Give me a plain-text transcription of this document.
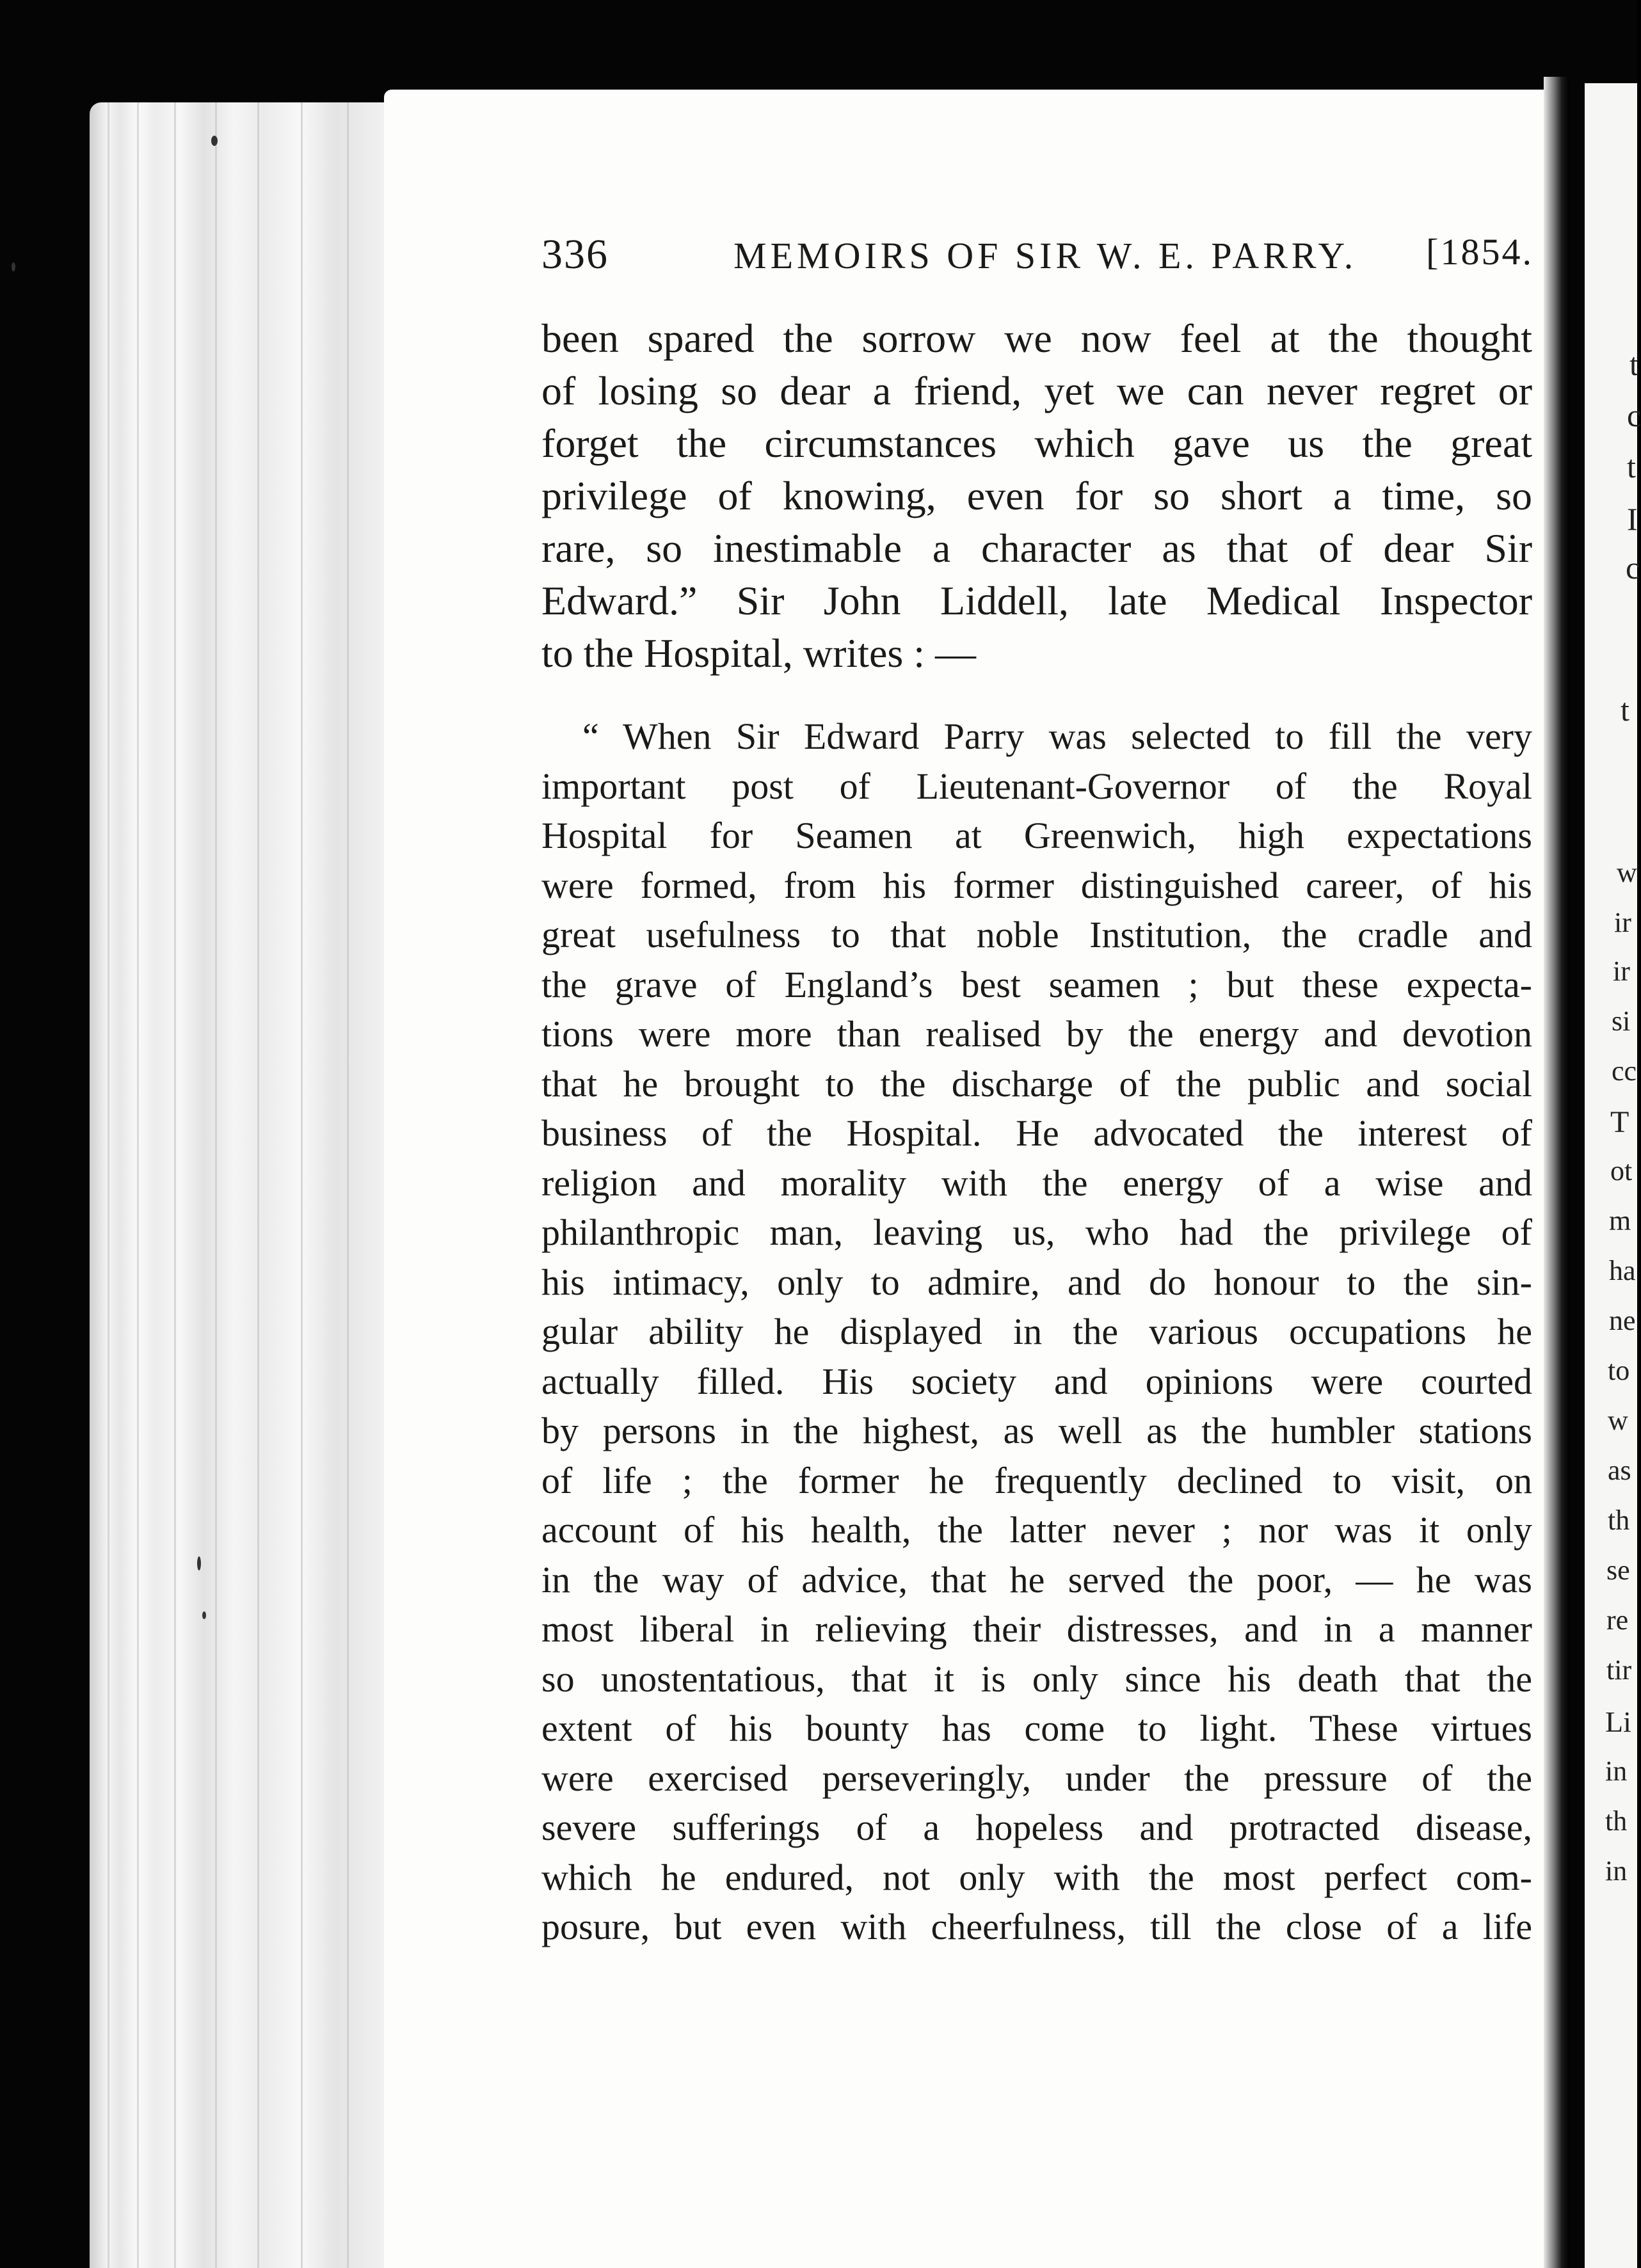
t
c
t
I
c
t
w
ir
ir
si
cc
T
ot
m
ha
ne
to
w
as
th
se
re
tir
Li
in
th
in
336	MEMOIRS OF SIR W. E. PARRY. [1854.
been spared the sorrow we now feel at the thought
of losing so dear a friend, yet we can never regret or
forget the circumstances which gave us the great
privilege of knowing, even for so short a time, so
rare, so inestimable a character as that of dear Sir
Edward.” Sir John Liddell, late Medical Inspector
to the Hospital, writes : —
“ When Sir Edward Parry was selected to fill the very
important post of Lieutenant-Governor of the Royal
Hospital for Seamen at Greenwich, high expectations
were formed, from his former distinguished career, of his
great usefulness to that noble Institution, the cradle and
the grave of England’s best seamen ; but these expecta-
tions were more than realised by the energy and devotion
that he brought to the discharge of the public and social
business of the Hospital. He advocated the interest of
religion and morality with the energy of a wise and
philanthropic man, leaving us, who had the privilege of
his intimacy, only to admire, and do honour to the sin-
gular ability he displayed in the various occupations he
actually filled. His society and opinions were courted
by persons in the highest, as well as the humbler stations
of life ; the former he frequently declined to visit, on
account of his health, the latter never ; nor was it only
in the way of advice, that he served the poor, — he was
most liberal in relieving their distresses, and in a manner
so unostentatious, that it is only since his death that the
extent of his bounty has come to light. These virtues
were exercised perseveringly, under the pressure of the
severe sufferings of a hopeless and protracted disease,
which he endured, not only with the most perfect com-
posure, but even with cheerfulness, till the close of a life
